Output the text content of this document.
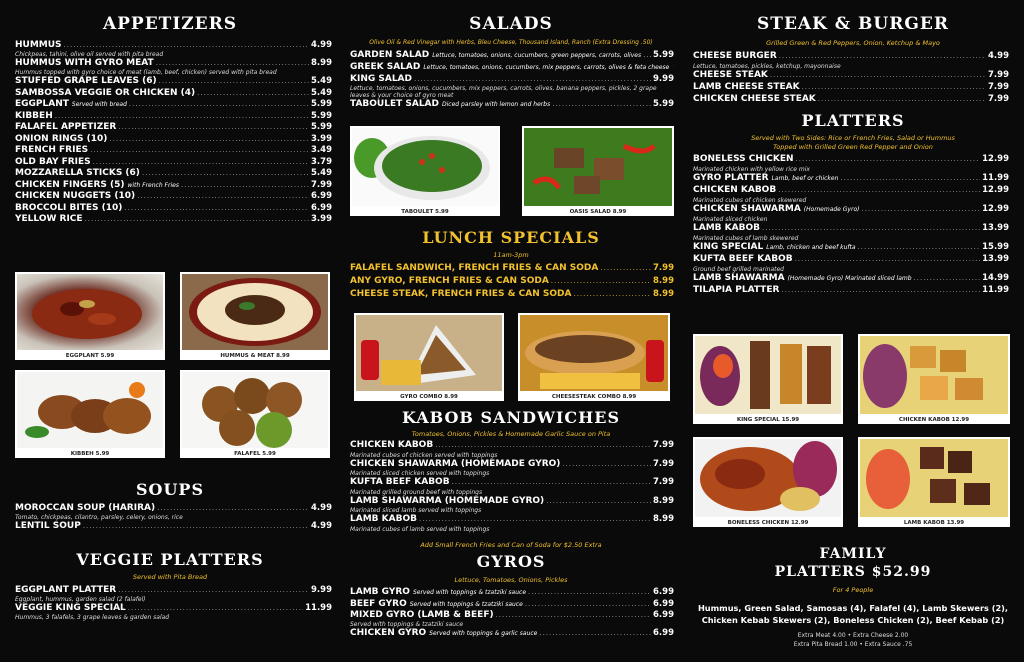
APPETIZERS
HUMMUS .....	4.99
Chickpeas, tahini, olive oil served with pita bread
HUMMUS WITH GYRO MEAT .....	8.99
Hummus topped with gyro choice of meat (lamb, beef, chicken) served with pita bread
STUFFED GRAPE LEAVES (6) .....	5.49
SAMBOSSA VEGGIE OR CHICKEN (4) .....	5.49
EGGPLANT Served with bread .....	5.99
KIBBEH .....	5.99
FALAFEL APPETIZER .....	5.99
ONION RINGS (10) .....	3.99
FRENCH FRIES .....	3.49
OLD BAY FRIES .....	3.79
MOZZARELLA STICKS (6) .....	5.49
CHICKEN FINGERS (5) with French Fries .....	7.99
CHICKEN NUGGETS (10) .....	6.99
BROCCOLI BITES (10) .....	6.99
YELLOW RICE .....	3.99
EGGPLANT 5.99	HUMMUS & MEAT 8.99
KIBBEH 5.99	FALAFEL 5.99
SOUPS
MOROCCAN SOUP (HARIRA) .....	4.99
Tomato, chickpeas, cilantro, parsley, celery, onions, rice
LENTIL SOUP .....	4.99
VEGGIE PLATTERS
Served with Pita Bread
EGGPLANT PLATTER .....	9.99
Eggplant, hummus, garden salad (2 falafel)
VEGGIE KING SPECIAL .....	11.99
Hummus, 3 falafels, 3 grape leaves & garden salad
SALADS
Olive Oil & Red Vinegar with Herbs, Bleu Cheese, Thousand Island, Ranch (Extra Dressing .50)
GARDEN SALAD Lettuce, tomatoes, onions, cucumbers, green peppers, carrots, olives ..... 5.99
GREEK SALAD Lettuce, tomatoes, onions, cucumbers, mix peppers, carrots, olives & feta cheese
KING SALAD .....	9.99
Lettuce, tomatoes, onions, cucumbers, mix peppers, carrots, olives, banana peppers, pickles, 2 grape leaves & your choice of gyro meat
TABOULET SALAD Diced parsley with lemon and herbs .....	5.99
TABOULET 5.99	OASIS SALAD 8.99
LUNCH SPECIALS
11am-3pm
FALAFEL SANDWICH, FRENCH FRIES & CAN SODA .....	7.99
ANY GYRO, FRENCH FRIES & CAN SODA .....	8.99
CHEESE STEAK, FRENCH FRIES & CAN SODA .....	8.99
GYRO COMBO 8.99	CHEESESTEAK COMBO 8.99
KABOB SANDWICHES
Tomatoes, Onions, Pickles & Homemade Garlic Sauce on Pita
CHICKEN KABOB .....	7.99
Marinated cubes of chicken served with toppings
CHICKEN SHAWARMA (HOMEMADE GYRO) .....	7.99
Marinated sliced chicken served with toppings
KUFTA BEEF KABOB .....	7.99
Marinated grilled ground beef with toppings
LAMB SHAWARMA (HOMEMADE GYRO) .....	8.99
Marinated sliced lamb served with toppings
LAMB KABOB .....	8.99
Marinated cubes of lamb served with toppings
Add Small French Fries and Can of Soda for $2.50 Extra
GYROS
Lettuce, Tomatoes, Onions, Pickles
LAMB GYRO Served with toppings & tzatziki sauce .....	6.99
BEEF GYRO Served with toppings & tzatziki sauce .....	6.99
MIXED GYRO (LAMB & BEEF) .....	6.99
Served with toppings & tzatziki sauce
CHICKEN GYRO Served with toppings & garlic sauce .....	6.99
STEAK & BURGER
Grilled Green & Red Peppers, Onion, Ketchup & Mayo
CHEESE BURGER .....	4.99
Lettuce, tomatoes, pickles, ketchup, mayonnaise
CHEESE STEAK .....	7.99
LAMB CHEESE STEAK .....	7.99
CHICKEN CHEESE STEAK .....	7.99
PLATTERS
Served with Two Sides: Rice or French Fries, Salad or Hummus
Topped with Grilled Green Red Pepper and Onion
BONELESS CHICKEN .....	12.99
Marinated chicken with yellow rice mix
GYRO PLATTER Lamb, beef or chicken .....	11.99
CHICKEN KABOB .....	12.99
Marinated cubes of chicken skewered
CHICKEN SHAWARMA (Homemade Gyro) .....	12.99
Marinated sliced chicken
LAMB KABOB .....	13.99
Marinated cubes of lamb skewered
KING SPECIAL Lamb, chicken and beef kufta .....	15.99
KUFTA BEEF KABOB .....	13.99
Ground beef grilled marinated
LAMB SHAWARMA (Homemade Gyro) Marinated sliced lamb .....	14.99
TILAPIA PLATTER .....	11.99
KING SPECIAL 15.99	CHICKEN KABOB 12.99
BONELESS CHICKEN 12.99	LAMB KABOB 13.99
FAMILY
PLATTERS $52.99
For 4 People
Hummus, Green Salad, Samosas (4), Falafel (4), Lamb Skewers (2),
Chicken Kebab Skewers (2), Boneless Chicken (2), Beef Kebab (2)
Extra Meat 4.00 • Extra Cheese 2.00
Extra Pita Bread 1.00 • Extra Sauce .75
